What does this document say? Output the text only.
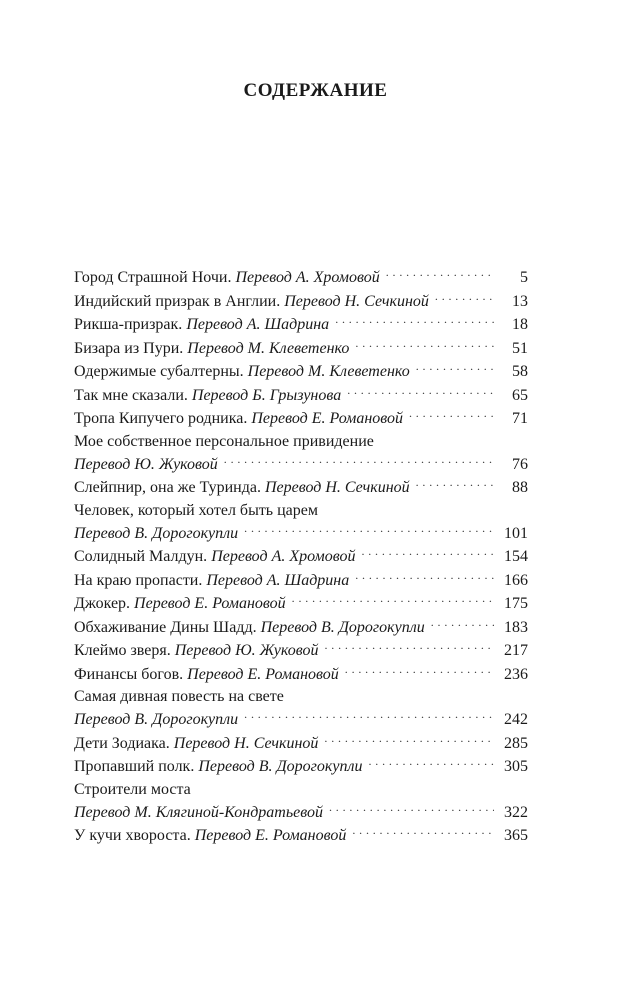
СОДЕРЖАНИЕ
Город Страшной Ночи.
Перевод А. Хромовой . . .	5
Индийский призрак в Англии.
Перевод Н. Сечкиной . . .	13
Рикша-призрак.
Перевод А. Шадрина . . .	18
Бизара из Пури.
Перевод М. Клеветенко . . .	51
Одержимые субалтерны.
Перевод М. Клеветенко . . .	58
Так мне сказали.
Перевод Б. Грызунова . . .	65
Тропа Кипучего родника.
Перевод Е. Романовой . . .	71
Мое собственное персональное привидение
Перевод Ю. Жуковой . . .	76
Слейпнир, она же Туринда.
Перевод Н. Сечкиной . . .	88
Человек, который хотел быть царем
Перевод В. Дорогокупли . . .	101
Солидный Малдун.
Перевод А. Хромовой . . .	154
На краю пропасти.
Перевод А. Шадрина . . .	166
Джокер.
Перевод Е. Романовой . . .	175
Обхаживание Дины Шадд.
Перевод В. Дорогокупли . . .	183
Клеймо зверя.
Перевод Ю. Жуковой . . .	217
Финансы богов.
Перевод Е. Романовой . . .	236
Самая дивная повесть на свете
Перевод В. Дорогокупли . . .	242
Дети Зодиака.
Перевод Н. Сечкиной . . .	285
Пропавший полк.
Перевод В. Дорогокупли . . .	305
Строители моста
Перевод М. Клягиной-Кондратьевой . . .	322
У кучи хвороста.
Перевод Е. Романовой . . .	365
